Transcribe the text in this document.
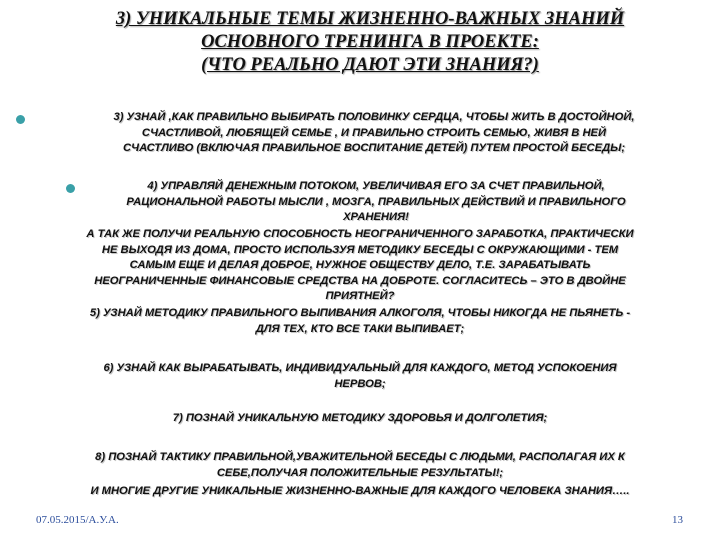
3) УНИКАЛЬНЫЕ ТЕМЫ ЖИЗНЕННО-ВАЖНЫХ ЗНАНИЙ
ОСНОВНОГО ТРЕНИНГА В ПРОЕКТЕ:
(ЧТО РЕАЛЬНО ДАЮТ ЭТИ ЗНАНИЯ?)
3) УЗНАЙ ,КАК ПРАВИЛЬНО ВЫБИРАТЬ ПОЛОВИНКУ СЕРДЦА, ЧТОБЫ ЖИТЬ В ДОСТОЙНОЙ,
СЧАСТЛИВОЙ, ЛЮБЯЩЕЙ СЕМЬЕ , И ПРАВИЛЬНО СТРОИТЬ СЕМЬЮ, ЖИВЯ В НЕЙ
СЧАСТЛИВО (ВКЛЮЧАЯ ПРАВИЛЬНОЕ ВОСПИТАНИЕ ДЕТЕЙ) ПУТЕМ ПРОСТОЙ БЕСЕДЫ;
4) УПРАВЛЯЙ ДЕНЕЖНЫМ ПОТОКОМ, УВЕЛИЧИВАЯ ЕГО ЗА СЧЕТ ПРАВИЛЬНОЙ,
РАЦИОНАЛЬНОЙ РАБОТЫ МЫСЛИ , МОЗГА, ПРАВИЛЬНЫХ ДЕЙСТВИЙ И ПРАВИЛЬНОГО
ХРАНЕНИЯ!
А ТАК ЖЕ ПОЛУЧИ РЕАЛЬНУЮ СПОСОБНОСТЬ НЕОГРАНИЧЕННОГО ЗАРАБОТКА, ПРАКТИЧЕСКИ
НЕ ВЫХОДЯ ИЗ ДОМА, ПРОСТО ИСПОЛЬЗУЯ МЕТОДИКУ БЕСЕДЫ С ОКРУЖАЮЩИМИ - ТЕМ
САМЫМ ЕЩЕ И ДЕЛАЯ ДОБРОЕ, НУЖНОЕ ОБЩЕСТВУ ДЕЛО, Т.Е. ЗАРАБАТЫВАТЬ
НЕОГРАНИЧЕННЫЕ ФИНАНСОВЫЕ СРЕДСТВА НА ДОБРОТЕ. СОГЛАСИТЕСЬ – ЭТО В ДВОЙНЕ
ПРИЯТНЕЙ?
5) УЗНАЙ МЕТОДИКУ ПРАВИЛЬНОГО ВЫПИВАНИЯ АЛКОГОЛЯ, ЧТОБЫ НИКОГДА НЕ ПЬЯНЕТЬ -
ДЛЯ ТЕХ, КТО ВСЕ ТАКИ ВЫПИВАЕТ;
6) УЗНАЙ КАК ВЫРАБАТЫВАТЬ, ИНДИВИДУАЛЬНЫЙ ДЛЯ КАЖДОГО, МЕТОД УСПОКОЕНИЯ
НЕРВОВ;
7) ПОЗНАЙ УНИКАЛЬНУЮ МЕТОДИКУ ЗДОРОВЬЯ И ДОЛГОЛЕТИЯ;
8) ПОЗНАЙ ТАКТИКУ ПРАВИЛЬНОЙ,УВАЖИТЕЛЬНОЙ БЕСЕДЫ С ЛЮДЬМИ, РАСПОЛАГАЯ ИХ К
СЕБЕ,ПОЛУЧАЯ ПОЛОЖИТЕЛЬНЫЕ РЕЗУЛЬТАТЫ!;
И МНОГИЕ ДРУГИЕ УНИКАЛЬНЫЕ ЖИЗНЕННО-ВАЖНЫЕ ДЛЯ КАЖДОГО ЧЕЛОВЕКА ЗНАНИЯ…..
07.05.2015/А.У.А.	13
